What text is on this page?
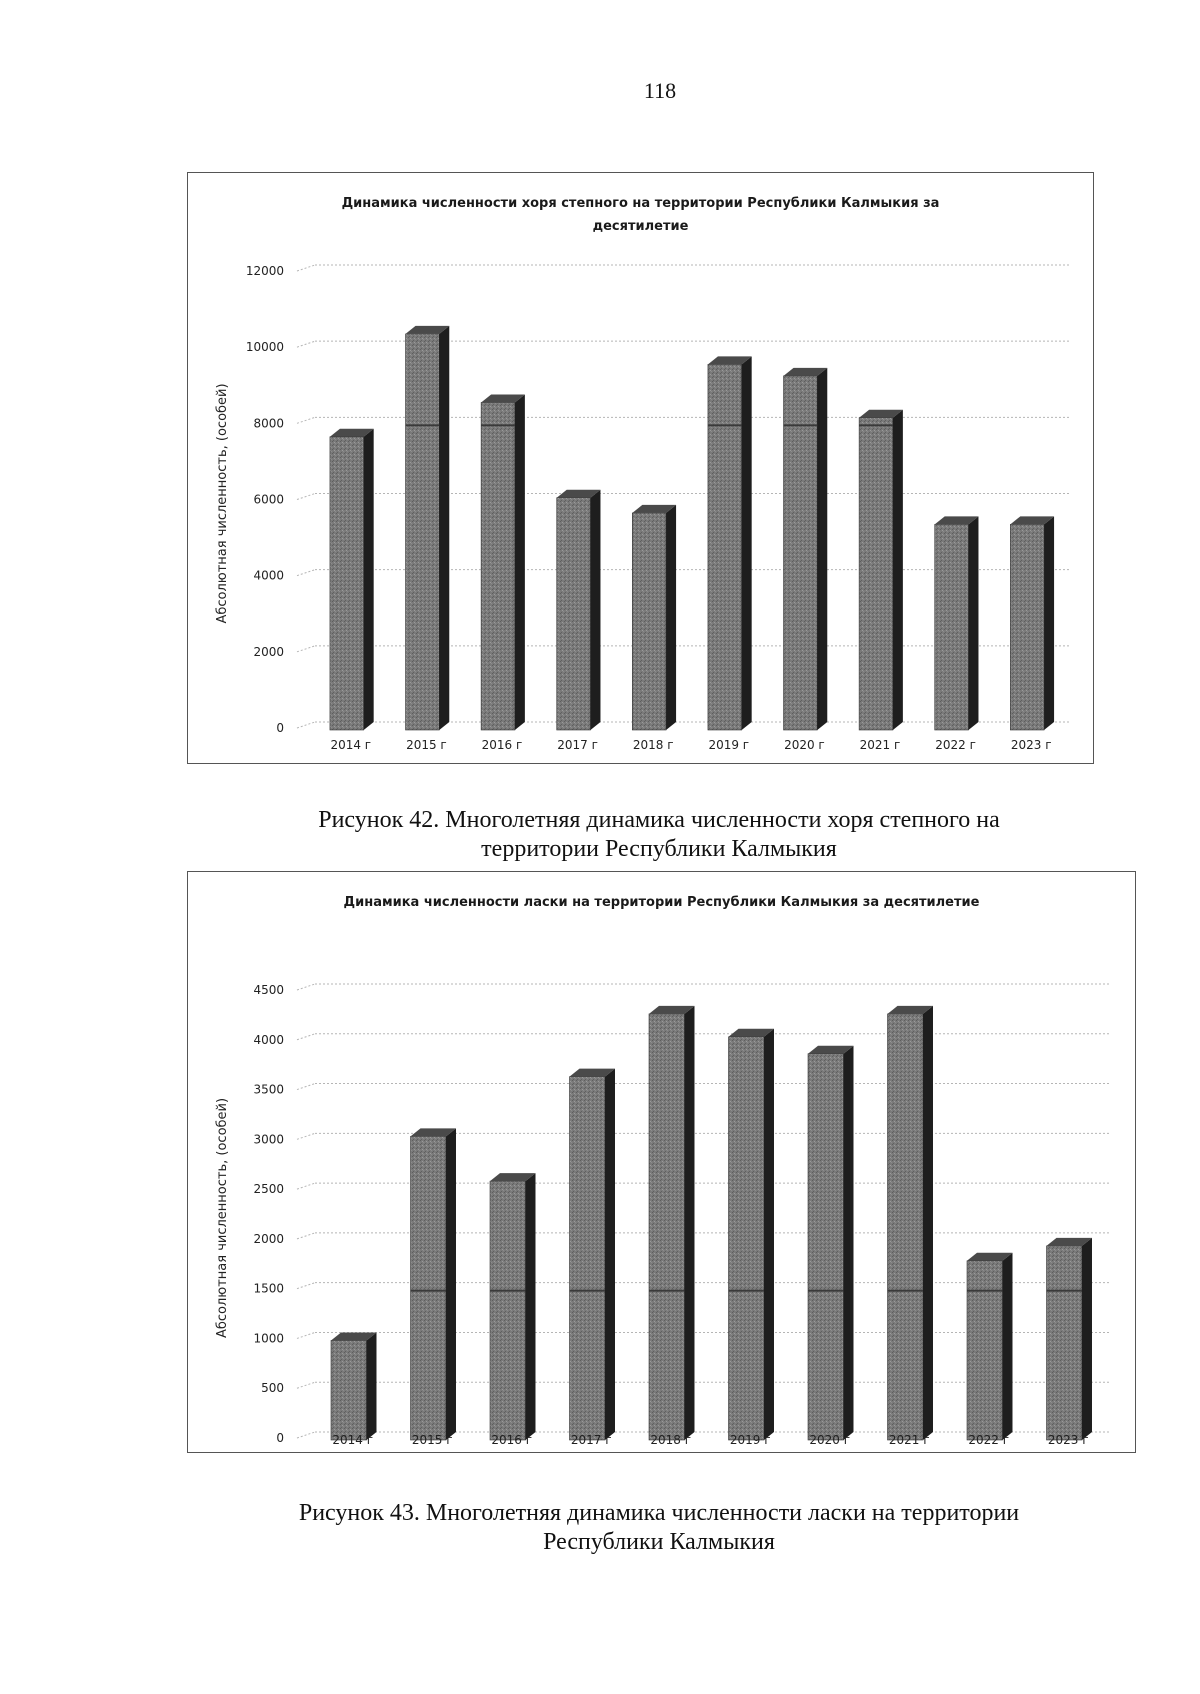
118
Динамика численности хоря степного на территории Республики Калмыкия за
десятилетие
0
2000
4000
6000
8000
10000
12000
Абсолютная численность, (особей)
2014 г	2015 г	2016 г	2017 г	2018 г	2019 г	2020 г	2021 г	2022 г	2023 г
Рисунок 42. Многолетняя динамика численности хоря степного на
территории Республики Калмыкия
Динамика численности ласки на территории Республики Калмыкия за десятилетие
0
500
1000
1500
2000
2500
3000
3500
4000
4500
Абсолютная численность, (особей)
2014 г	2015 г	2016 г	2017 г	2018 г	2019 г	2020 г	2021 г	2022 г	2023 г
Рисунок 43. Многолетняя динамика численности ласки на территории
Республики Калмыкия
